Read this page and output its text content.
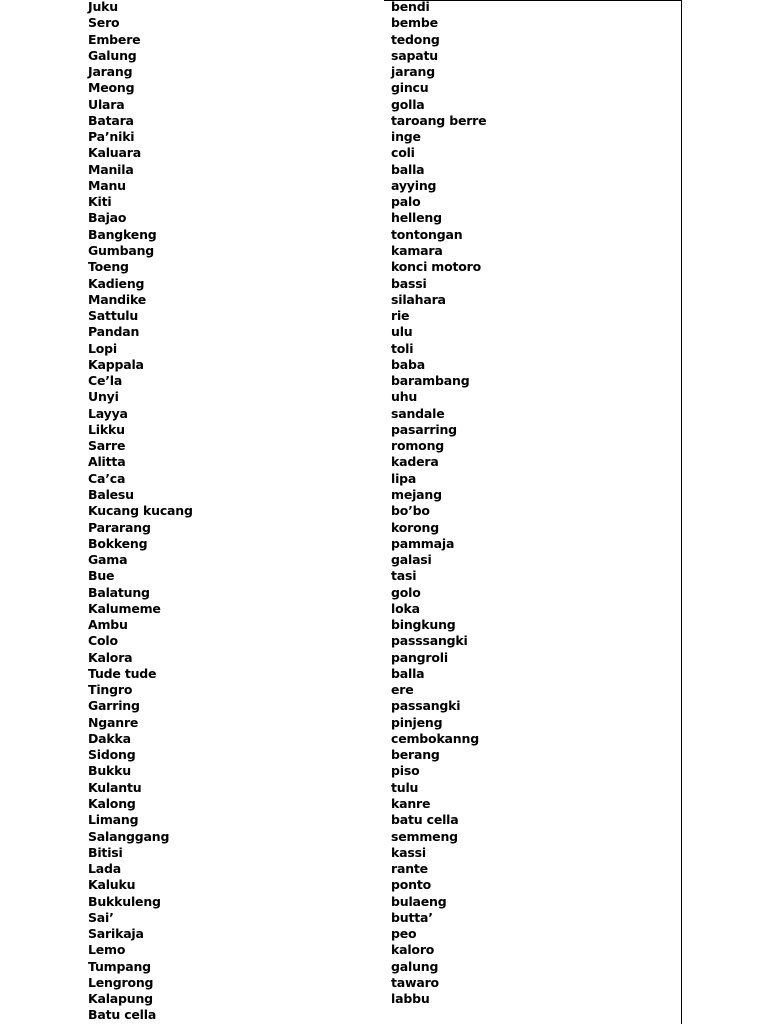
Juku
Sero
Embere
Galung
Jarang
Meong
Ulara
Batara
Pa’niki
Kaluara
Manila
Manu
Kiti
Bajao
Bangkeng
Gumbang
Toeng
Kadieng
Mandike
Sattulu
Pandan
Lopi
Kappala
Ce’la
Unyi
Layya
Likku
Sarre
Alitta
Ca’ca
Balesu
Kucang kucang
Pararang
Bokkeng
Gama
Bue
Balatung
Kalumeme
Ambu
Colo
Kalora
Tude tude
Tingro
Garring
Nganre
Dakka
Sidong
Bukku
Kulantu
Kalong
Limang
Salanggang
Bitisi
Lada
Kaluku
Bukkuleng
Sai’
Sarikaja
Lemo
Tumpang
Lengrong
Kalapung
Batu cella
bendi
bembe
tedong
sapatu
jarang
gincu
golla
taroang berre
inge
coli
balla
ayying
palo
helleng
tontongan
kamara
konci motoro
bassi
silahara
rie
ulu
toli
baba
barambang
uhu
sandale
pasarring
romong
kadera
lipa
mejang
bo’bo
korong
pammaja
galasi
tasi
golo
loka
bingkung
passsangki
pangroli
balla
ere
passangki
pinjeng
cembokanng
berang
piso
tulu
kanre
batu cella
semmeng
kassi
rante
ponto
bulaeng
butta’
peo
kaloro
galung
tawaro
labbu
